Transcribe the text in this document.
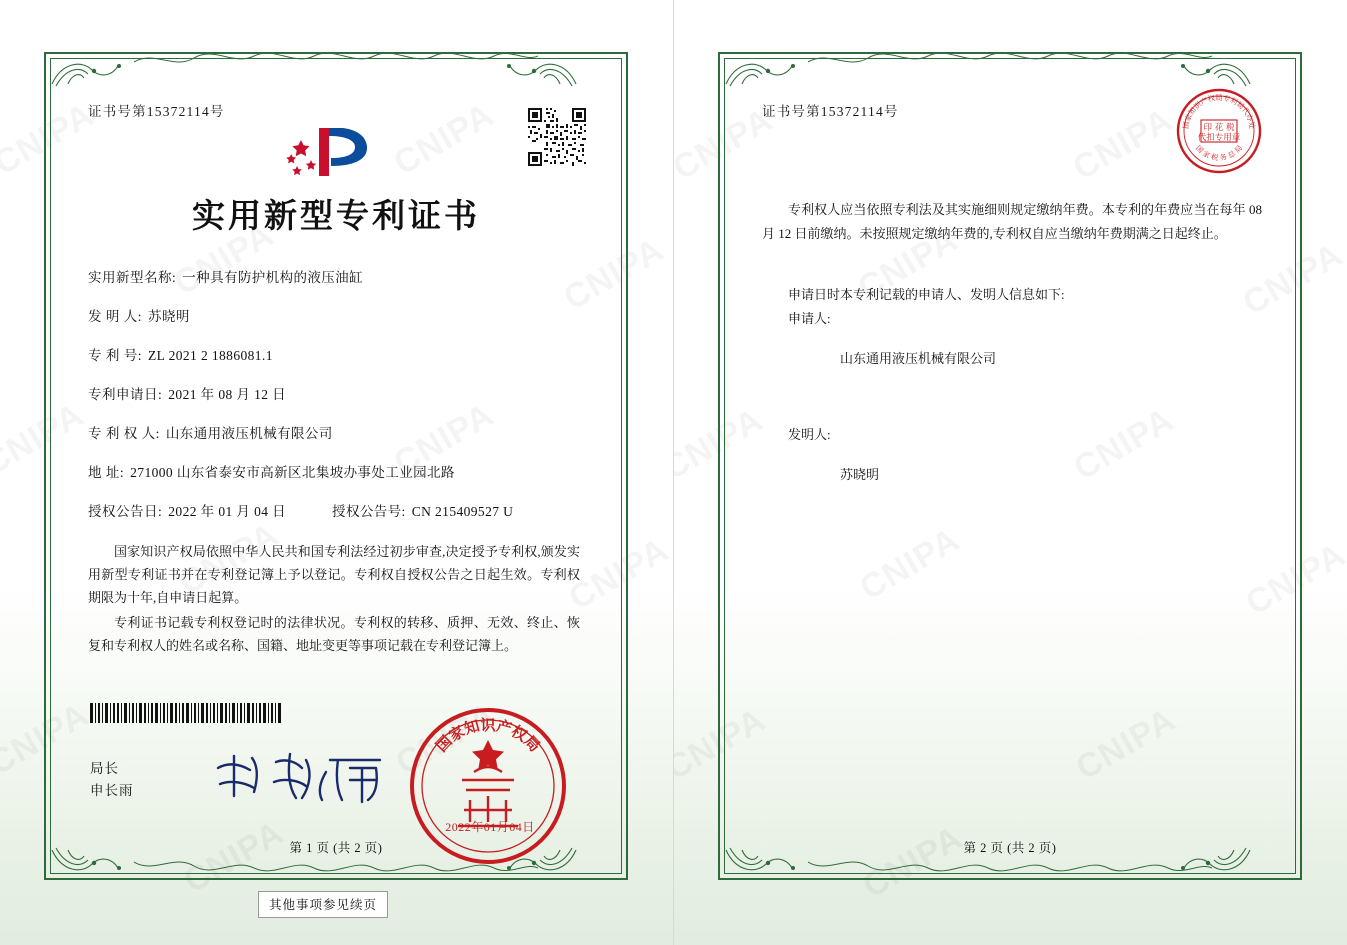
证书号第15372114号
实用新型专利证书
实用新型名称: 一种具有防护机构的液压油缸
发 明 人: 苏晓明
专 利 号: ZL 2021 2 1886081.1
专利申请日: 2021 年 08 月 12 日
专 利 权 人: 山东通用液压机械有限公司
地 址: 271000 山东省泰安市高新区北集坡办事处工业园北路
授权公告日: 2022 年 01 月 04 日	授权公告号: CN 215409527 U

国家知识产权局依照中华人民共和国专利法经过初步审查,决定授予专利权,颁发实用新型专利证书并在专利登记簿上予以登记。专利权自授权公告之日起生效。专利权期限为十年,自申请日起算。

专利证书记载专利权登记时的法律状况。专利权的转移、质押、无效、终止、恢复和专利权人的姓名或名称、国籍、地址变更等事项记载在专利登记簿上。

局长
申长雨
国家知识产权局
2022年01月04日
第 1 页 (共 2 页)
其他事项参见续页
证书号第15372114号
印 花 税
代扣专用章
国家知识产权局专利局代办处
国 家 税 务 总 局

专利权人应当依照专利法及其实施细则规定缴纳年费。本专利的年费应当在每年 08 月 12 日前缴纳。未按照规定缴纳年费的,专利权自应当缴纳年费期满之日起终止。

申请日时本专利记载的申请人、发明人信息如下:
申请人:
山东通用液压机械有限公司
发明人:
苏晓明
第 2 页 (共 2 页)
